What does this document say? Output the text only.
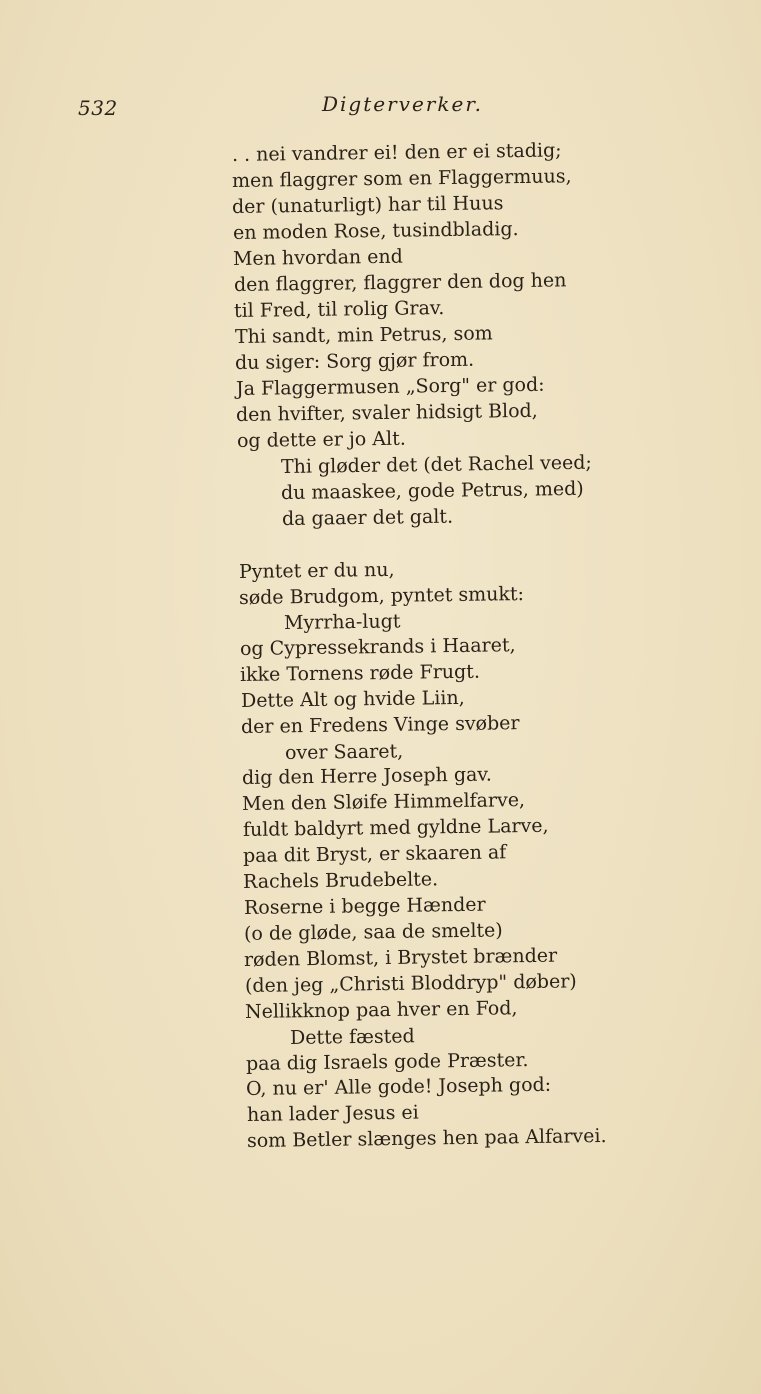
532	Digterverker.
. . nei vandrer ei! den er ei stadig;
men flaggrer som en Flaggermuus,
der (unaturligt) har til Huus
en moden Rose, tusindbladig.
Men hvordan end
den flaggrer, flaggrer den dog hen
til Fred, til rolig Grav.
Thi sandt, min Petrus, som
du siger: Sorg gjør from.
Ja Flaggermusen „Sorg" er god:
den hvifter, svaler hidsigt Blod,
og dette er jo Alt.
Thi gløder det (det Rachel veed;
du maaskee, gode Petrus, med)
da gaaer det galt.
Pyntet er du nu,
søde Brudgom, pyntet smukt:
Myrrha-lugt
og Cypressekrands i Haaret,
ikke Tornens røde Frugt.
Dette Alt og hvide Liin,
der en Fredens Vinge svøber
over Saaret,
dig den Herre Joseph gav.
Men den Sløife Himmelfarve,
fuldt baldyrt med gyldne Larve,
paa dit Bryst, er skaaren af
Rachels Brudebelte.
Roserne i begge Hænder
(o de gløde, saa de smelte)
røden Blomst, i Brystet brænder
(den jeg „Christi Bloddryp" døber)
Nellikknop paa hver en Fod,
Dette fæsted
paa dig Israels gode Præster.
O, nu er' Alle gode! Joseph god:
han lader Jesus ei
som Betler slænges hen paa Alfarvei.
